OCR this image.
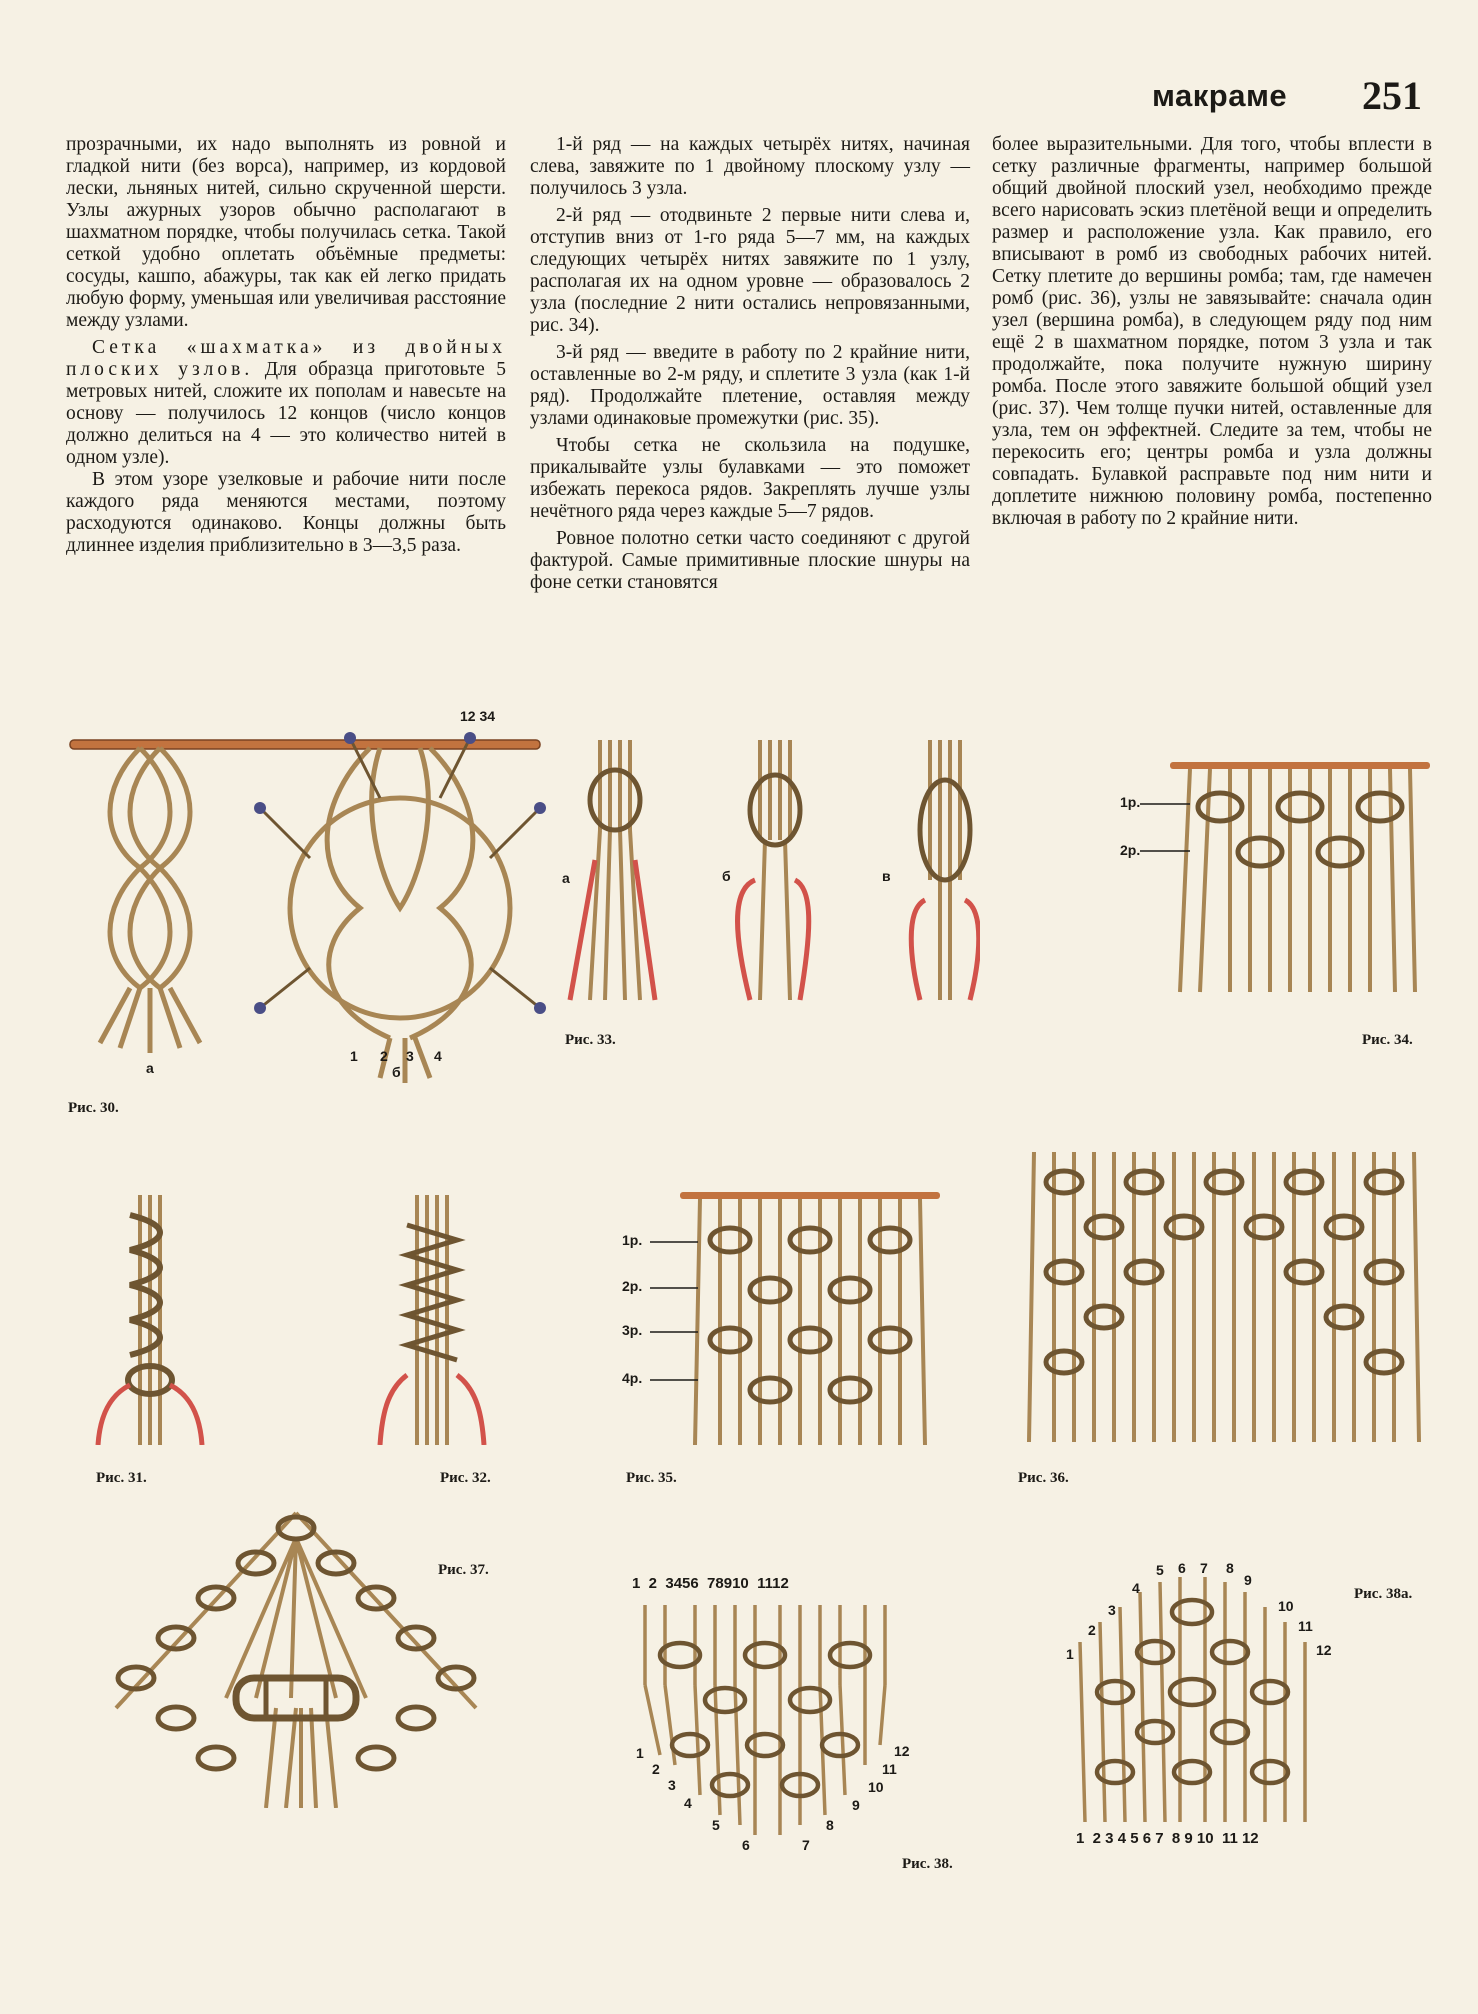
макраме 251

прозрачными, их надо выполнять из ровной и гладкой нити (без ворса), например, из кордовой лески, льняных нитей, сильно скрученной шерсти. Узлы ажурных узоров обычно располагают в шахматном порядке, чтобы получилась сетка. Такой сеткой удобно оплетать объёмные предметы: сосуды, кашпо, абажуры, так как ей легко придать любую форму, уменьшая или увеличивая расстояние между узлами.

Сетка «шахматка» из двойных плоских узлов. Для образца приготовьте 5 метровых нитей, сложите их пополам и навесьте на основу — получилось 12 концов (число концов должно делиться на 4 — это количество нитей в одном узле).

В этом узоре узелковые и рабочие нити после каждого ряда меняются местами, поэтому расходуются одинаково. Концы должны быть длиннее изделия приблизительно в 3—3,5 раза.

1-й ряд — на каждых четырёх нитях, начиная слева, завяжите по 1 двойному плоскому узлу — получилось 3 узла.

2-й ряд — отодвиньте 2 первые нити слева и, отступив вниз от 1-го ряда 5—7 мм, на каждых следующих четырёх нитях завяжите по 1 узлу, располагая их на одном уровне — образовалось 2 узла (последние 2 нити остались непровязанными, рис. 34).

3-й ряд — введите в работу по 2 крайние нити, оставленные во 2-м ряду, и сплетите 3 узла (как 1-й ряд). Продолжайте плетение, оставляя между узлами одинаковые промежутки (рис. 35).

Чтобы сетка не скользила на подушке, прикалывайте узлы булавками — это поможет избежать перекоса рядов. Закреплять лучше узлы нечётного ряда через каждые 5—7 рядов.

Ровное полотно сетки часто соединяют с другой фактурой. Самые примитивные плоские шнуры на фоне сетки становятся

более выразительными. Для того, чтобы вплести в сетку различные фрагменты, например большой общий двойной плоский узел, необходимо прежде всего нарисовать эскиз плетёной вещи и определить размер и расположение узла. Как правило, его вписывают в ромб из свободных рабочих нитей. Сетку плетите до вершины ромба; там, где намечен ромб (рис. 36), узлы не завязывайте: сначала один узел (вершина ромба), в следующем ряду под ним ещё 2 в шахматном порядке, потом 3 узла и так продолжайте, пока получите нужную ширину ромба. После этого завяжите большой общий узел (рис. 37). Чем толще пучки нитей, оставленные для узла, тем он эффектней. Следите за тем, чтобы не перекосить его; центры ромба и узла должны совпадать. Булавкой расправьте под ним нити и доплетите нижнюю половину ромба, постепенно включая в работу по 2 крайние нити.

12 34
а	б
1 2 3 4
Рис. 30.
а	б	в
Рис. 33.
1р.
2р.
Рис. 34.
Рис. 31.	Рис. 32.
1р.
2р.
3р.
4р.
Рис. 35.	Рис. 36.
Рис. 37.
1  2  3456  78910  1112
1
2
3
4
5
6	7
8
9
10
11
12
Рис. 38.
1
2
3
4
5 6 7 8
9
10
11
12
1  2 3 4 5 6 7  8 9 10  11 12
Рис. 38а.
